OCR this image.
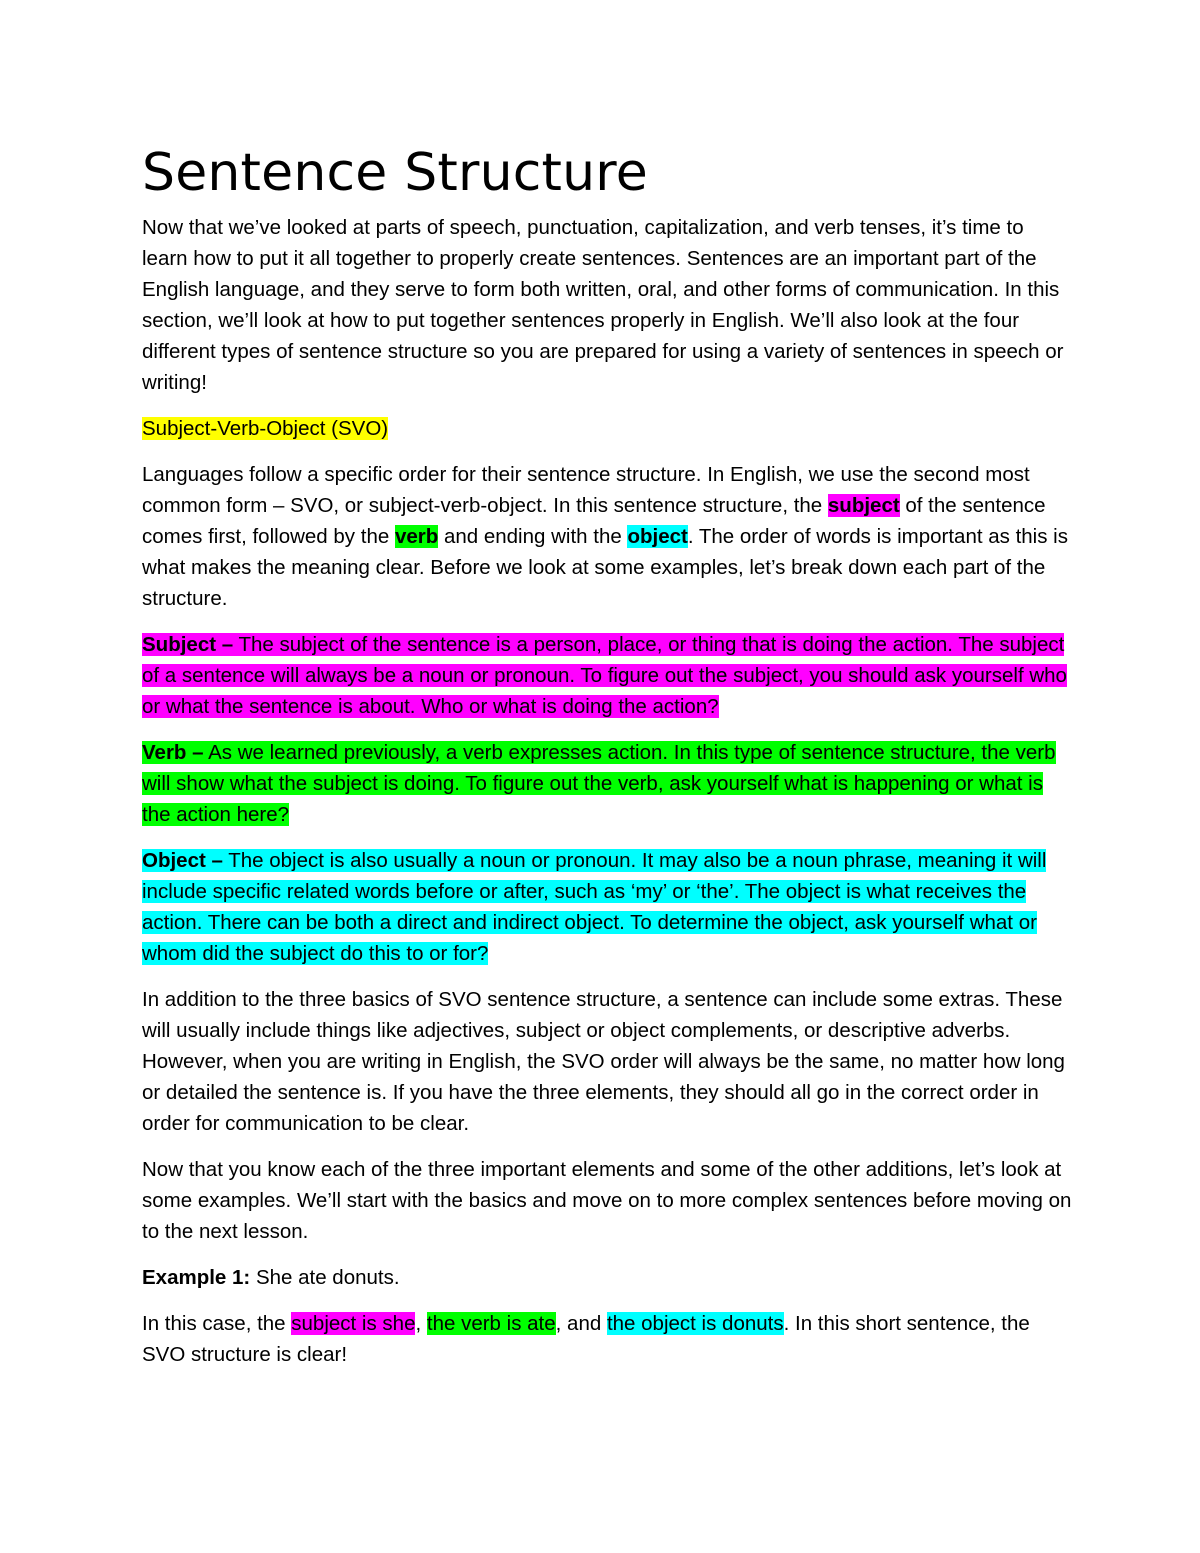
Sentence Structure

Now that we’ve looked at parts of speech, punctuation, capitalization, and verb tenses, it’s time to learn how to put it all together to properly create sentences. Sentences are an important part of the English language, and they serve to form both written, oral, and other forms of communication. In this section, we’ll look at how to put together sentences properly in English. We’ll also look at the four different types of sentence structure so you are prepared for using a variety of sentences in speech or writing!

Subject-Verb-Object (SVO)

Languages follow a specific order for their sentence structure. In English, we use the second most common form – SVO, or subject-verb-object. In this sentence structure, the subject of the sentence comes first, followed by the verb and ending with the object. The order of words is important as this is what makes the meaning clear. Before we look at some examples, let’s break down each part of the structure.

Subject – The subject of the sentence is a person, place, or thing that is doing the action. The subject of a sentence will always be a noun or pronoun. To figure out the subject, you should ask yourself who or what the sentence is about. Who or what is doing the action?

Verb – As we learned previously, a verb expresses action. In this type of sentence structure, the verb will show what the subject is doing. To figure out the verb, ask yourself what is happening or what is the action here?

Object – The object is also usually a noun or pronoun. It may also be a noun phrase, meaning it will include specific related words before or after, such as ‘my’ or ‘the’. The object is what receives the action. There can be both a direct and indirect object. To determine the object, ask yourself what or whom did the subject do this to or for?

In addition to the three basics of SVO sentence structure, a sentence can include some extras. These will usually include things like adjectives, subject or object complements, or descriptive adverbs. However, when you are writing in English, the SVO order will always be the same, no matter how long or detailed the sentence is. If you have the three elements, they should all go in the correct order in order for communication to be clear.

Now that you know each of the three important elements and some of the other additions, let’s look at some examples. We’ll start with the basics and move on to more complex sentences before moving on to the next lesson.

Example 1: She ate donuts.

In this case, the subject is she, the verb is ate, and the object is donuts. In this short sentence, the SVO structure is clear!
